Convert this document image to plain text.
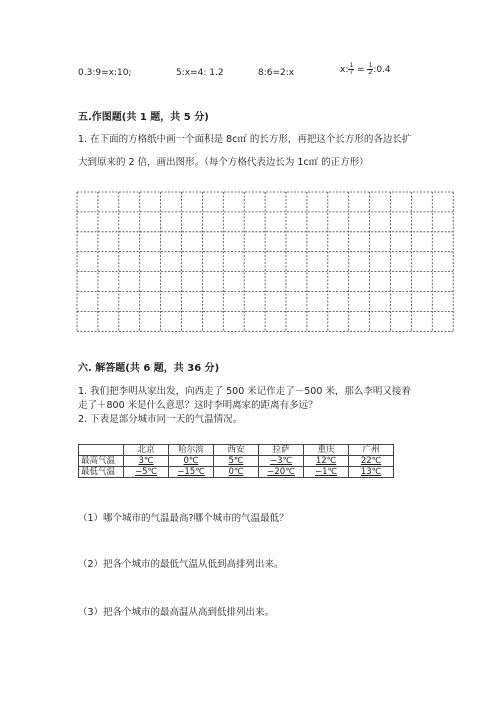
0.3:9=x:10;	5:x=4: 1.2	8:6=2:x	x: $\frac{1}{7} = \frac{1}{2}$ :0.4
五.作图题(共 1 题，共 5 分)
1. 在下面的方格纸中画一个面积是 8c㎡ 的长方形，再把这个长方形的各边长扩
大到原来的 2 倍，画出图形。（每个方格代表边长为 1c㎡ 的正方形）
六. 解答题(共 6 题，共 36 分)
1. 我们把李明从家出发，向西走了 500 米记作走了－500 米，那么李明又接着
走了＋800 米是什么意思？这时李明离家的距离有多远？
2. 下表是部分城市同一天的气温情况。
	北京	哈尔滨	西安	拉萨	重庆	广州
最高气温	3℃	0℃	5℃	−3℃	12℃	22℃
最低气温	−5℃	−15℃	0℃	−20℃	−1℃	13℃
（1）哪个城市的气温最高?哪个城市的气温最低？
（2）把各个城市的最低气温从低到高排列出来。
（3）把各个城市的最高温从高到低排列出来。
